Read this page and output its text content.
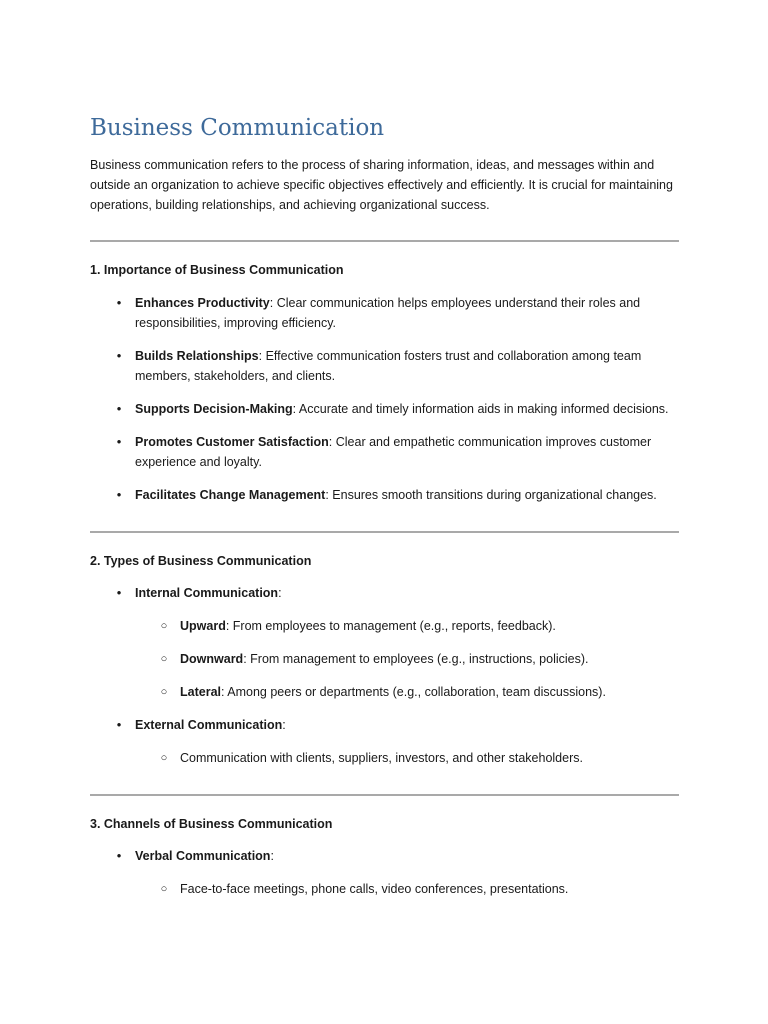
Business Communication

Business communication refers to the process of sharing information, ideas, and messages within and outside an organization to achieve specific objectives effectively and efficiently. It is crucial for maintaining operations, building relationships, and achieving organizational success.

1. Importance of Business Communication
• Enhances Productivity: Clear communication helps employees understand their roles and responsibilities, improving efficiency.
• Builds Relationships: Effective communication fosters trust and collaboration among team members, stakeholders, and clients.
• Supports Decision-Making: Accurate and timely information aids in making informed decisions.
• Promotes Customer Satisfaction: Clear and empathetic communication improves customer experience and loyalty.
• Facilitates Change Management: Ensures smooth transitions during organizational changes.
2. Types of Business Communication
• Internal Communication:
○ Upward: From employees to management (e.g., reports, feedback).
○ Downward: From management to employees (e.g., instructions, policies).
○ Lateral: Among peers or departments (e.g., collaboration, team discussions).
• External Communication:
○ Communication with clients, suppliers, investors, and other stakeholders.
3. Channels of Business Communication
• Verbal Communication:
○ Face-to-face meetings, phone calls, video conferences, presentations.
